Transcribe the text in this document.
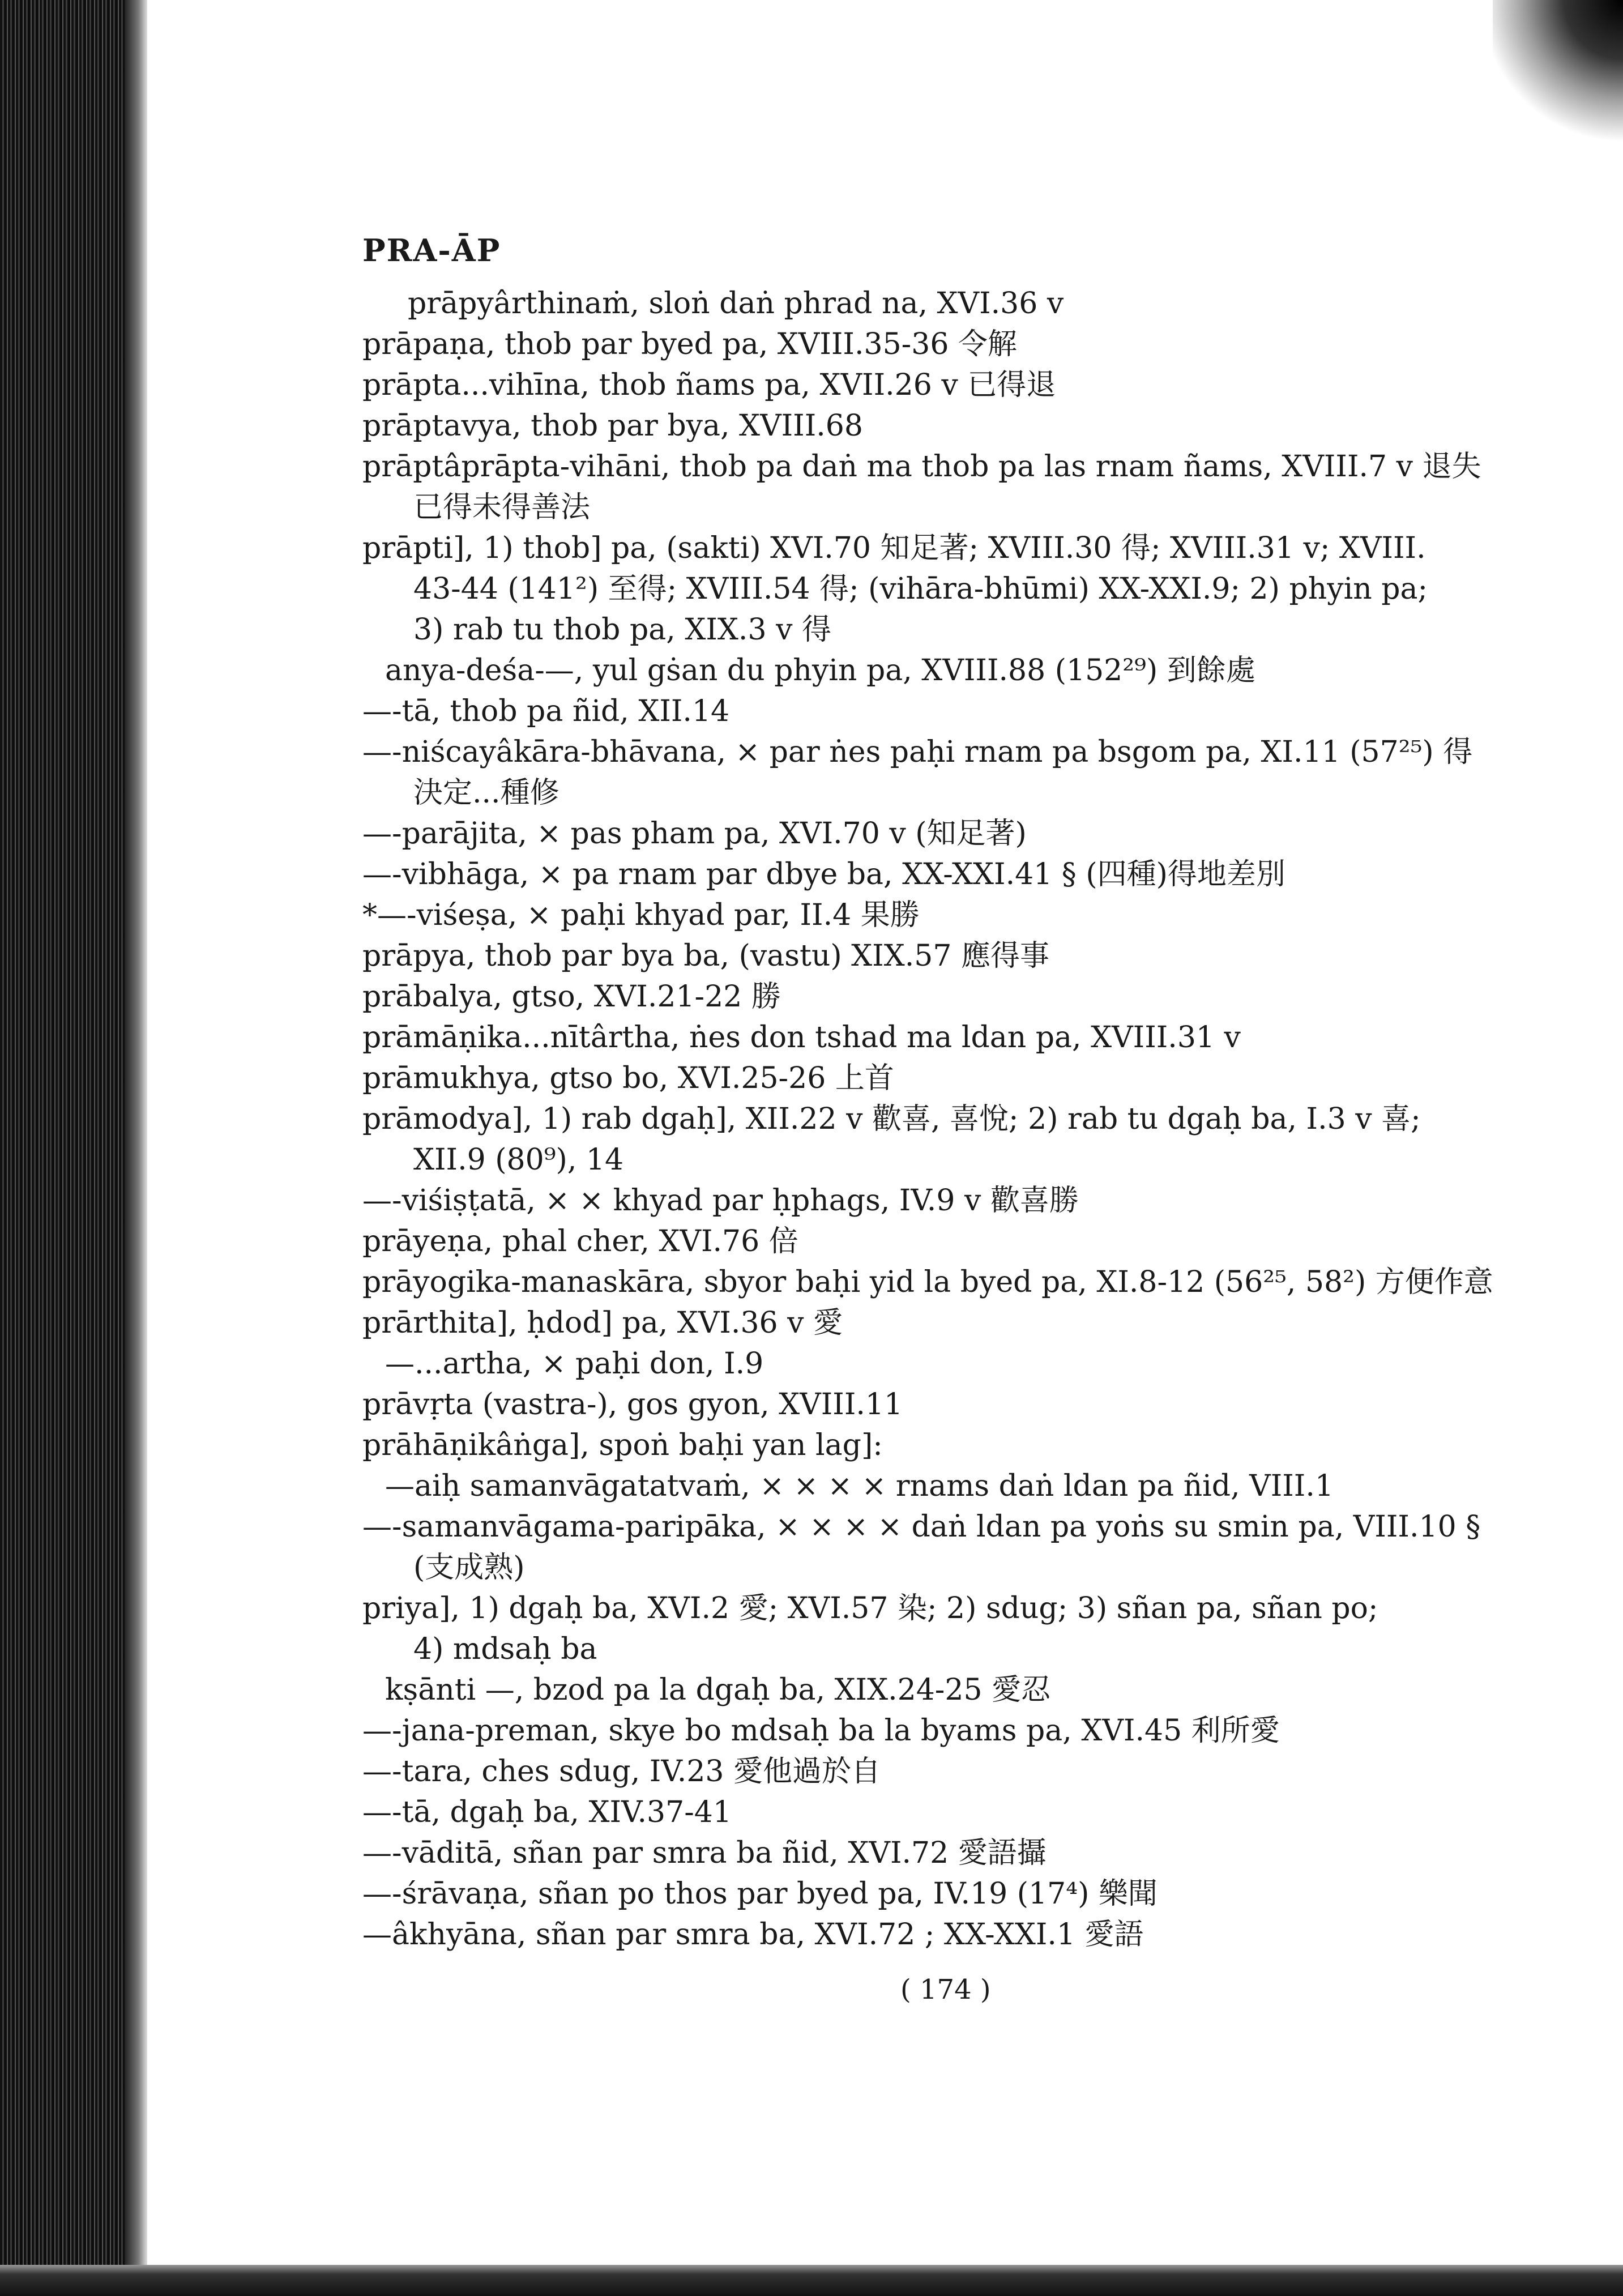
PRA-ĀP
prāpyârthinaṁ, sloṅ daṅ phrad na, XVI.36 v
prāpaṇa, thob par byed pa, XVIII.35-36 令解
prāpta...vihīna, thob ñams pa, XVII.26 v 已得退
prāptavya, thob par bya, XVIII.68
prāptâprāpta-vihāni, thob pa daṅ ma thob pa las rnam ñams, XVIII.7 v 退失
已得未得善法
prāpti], 1) thob] pa, (sakti) XVI.70 知足著; XVIII.30 得; XVIII.31 v; XVIII.
43-44 (141²) 至得; XVIII.54 得; (vihāra-bhūmi) XX-XXI.9; 2) phyin pa;
3) rab tu thob pa, XIX.3 v 得
anya-deśa-—, yul gṡan du phyin pa, XVIII.88 (152²⁹) 到餘處
—-tā, thob pa ñid, XII.14
—-niścayâkāra-bhāvana, × par ṅes paḥi rnam pa bsgom pa, XI.11 (57²⁵) 得
決定...種修
—-parājita, × pas pham pa, XVI.70 v (知足著)
—-vibhāga, × pa rnam par dbye ba, XX-XXI.41 § (四種)得地差別
*—-viśeṣa, × paḥi khyad par, II.4 果勝
prāpya, thob par bya ba, (vastu) XIX.57 應得事
prābalya, gtso, XVI.21-22 勝
prāmāṇika...nītârtha, ṅes don tshad ma ldan pa, XVIII.31 v
prāmukhya, gtso bo, XVI.25-26 上首
prāmodya], 1) rab dgaḥ], XII.22 v 歡喜, 喜悅; 2) rab tu dgaḥ ba, I.3 v 喜;
XII.9 (80⁹), 14
—-viśiṣṭatā, × × khyad par ḥphags, IV.9 v 歡喜勝
prāyeṇa, phal cher, XVI.76 倍
prāyogika-manaskāra, sbyor baḥi yid la byed pa, XI.8-12 (56²⁵, 58²) 方便作意
prārthita], ḥdod] pa, XVI.36 v 愛
—...artha, × paḥi don, I.9
prāvṛta (vastra-), gos gyon, XVIII.11
prāhāṇikâṅga], spoṅ baḥi yan lag]:
—aiḥ samanvāgatatvaṁ, × × × × rnams daṅ ldan pa ñid, VIII.1
—-samanvāgama-paripāka, × × × × daṅ ldan pa yoṅs su smin pa, VIII.10 §
(支成熟)
priya], 1) dgaḥ ba, XVI.2 愛; XVI.57 染; 2) sdug; 3) sñan pa, sñan po;
4) mdsaḥ ba
kṣānti —, bzod pa la dgaḥ ba, XIX.24-25 愛忍
—-jana-preman, skye bo mdsaḥ ba la byams pa, XVI.45 利所愛
—-tara, ches sdug, IV.23 愛他過於自
—-tā, dgaḥ ba, XIV.37-41
—-vāditā, sñan par smra ba ñid, XVI.72 愛語攝
—-śrāvaṇa, sñan po thos par byed pa, IV.19 (17⁴) 樂聞
—âkhyāna, sñan par smra ba, XVI.72 ; XX-XXI.1 愛語
( 174 )
